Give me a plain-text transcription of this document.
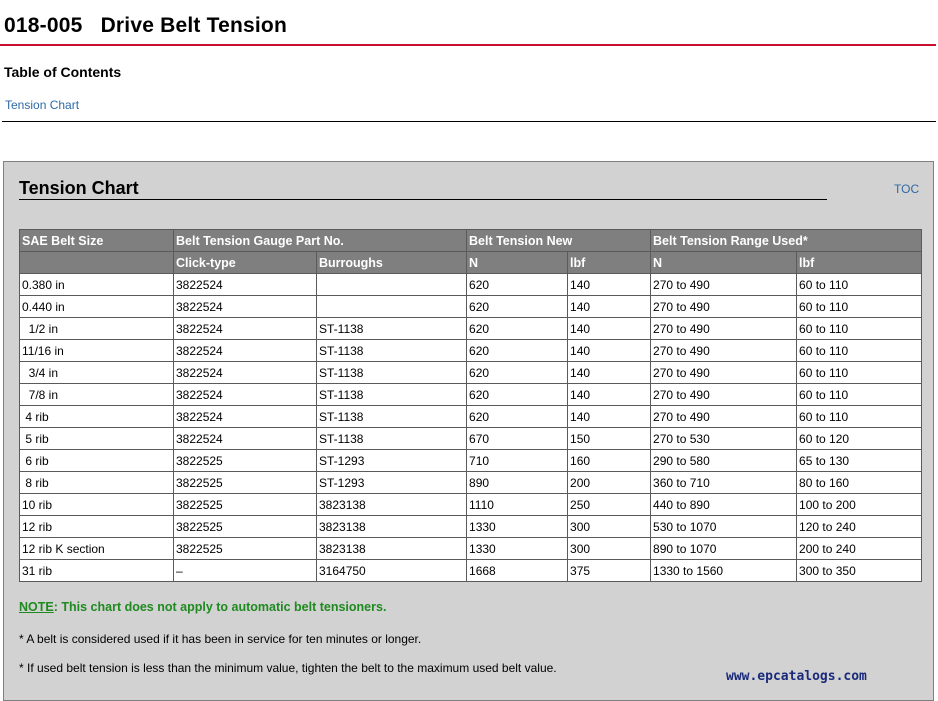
018-005   Drive Belt Tension
Table of Contents
Tension Chart
Tension Chart	TOC
SAE Belt Size	Belt Tension Gauge Part No.		Belt Tension New		Belt Tension Range Used*	
	Click-type	Burroughs	N	lbf	N	lbf
0.380 in	3822524		620	140	270 to 490	60 to 110
0.440 in	3822524		620	140	270 to 490	60 to 110
1/2 in	3822524	ST-1138	620	140	270 to 490	60 to 110
11/16 in	3822524	ST-1138	620	140	270 to 490	60 to 110
3/4 in	3822524	ST-1138	620	140	270 to 490	60 to 110
7/8 in	3822524	ST-1138	620	140	270 to 490	60 to 110
4 rib	3822524	ST-1138	620	140	270 to 490	60 to 110
5 rib	3822524	ST-1138	670	150	270 to 530	60 to 120
6 rib	3822525	ST-1293	710	160	290 to 580	65 to 130
8 rib	3822525	ST-1293	890	200	360 to 710	80 to 160
10 rib	3822525	3823138	1110	250	440 to 890	100 to 200
12 rib	3822525	3823138	1330	300	530 to 1070	120 to 240
12 rib K section	3822525	3823138	1330	300	890 to 1070	200 to 240
31 rib	–	3164750	1668	375	1330 to 1560	300 to 350
NOTE: This chart does not apply to automatic belt tensioners.
* A belt is considered used if it has been in service for ten minutes or longer.
* If used belt tension is less than the minimum value, tighten the belt to the maximum used belt value.
www.epcatalogs.com
